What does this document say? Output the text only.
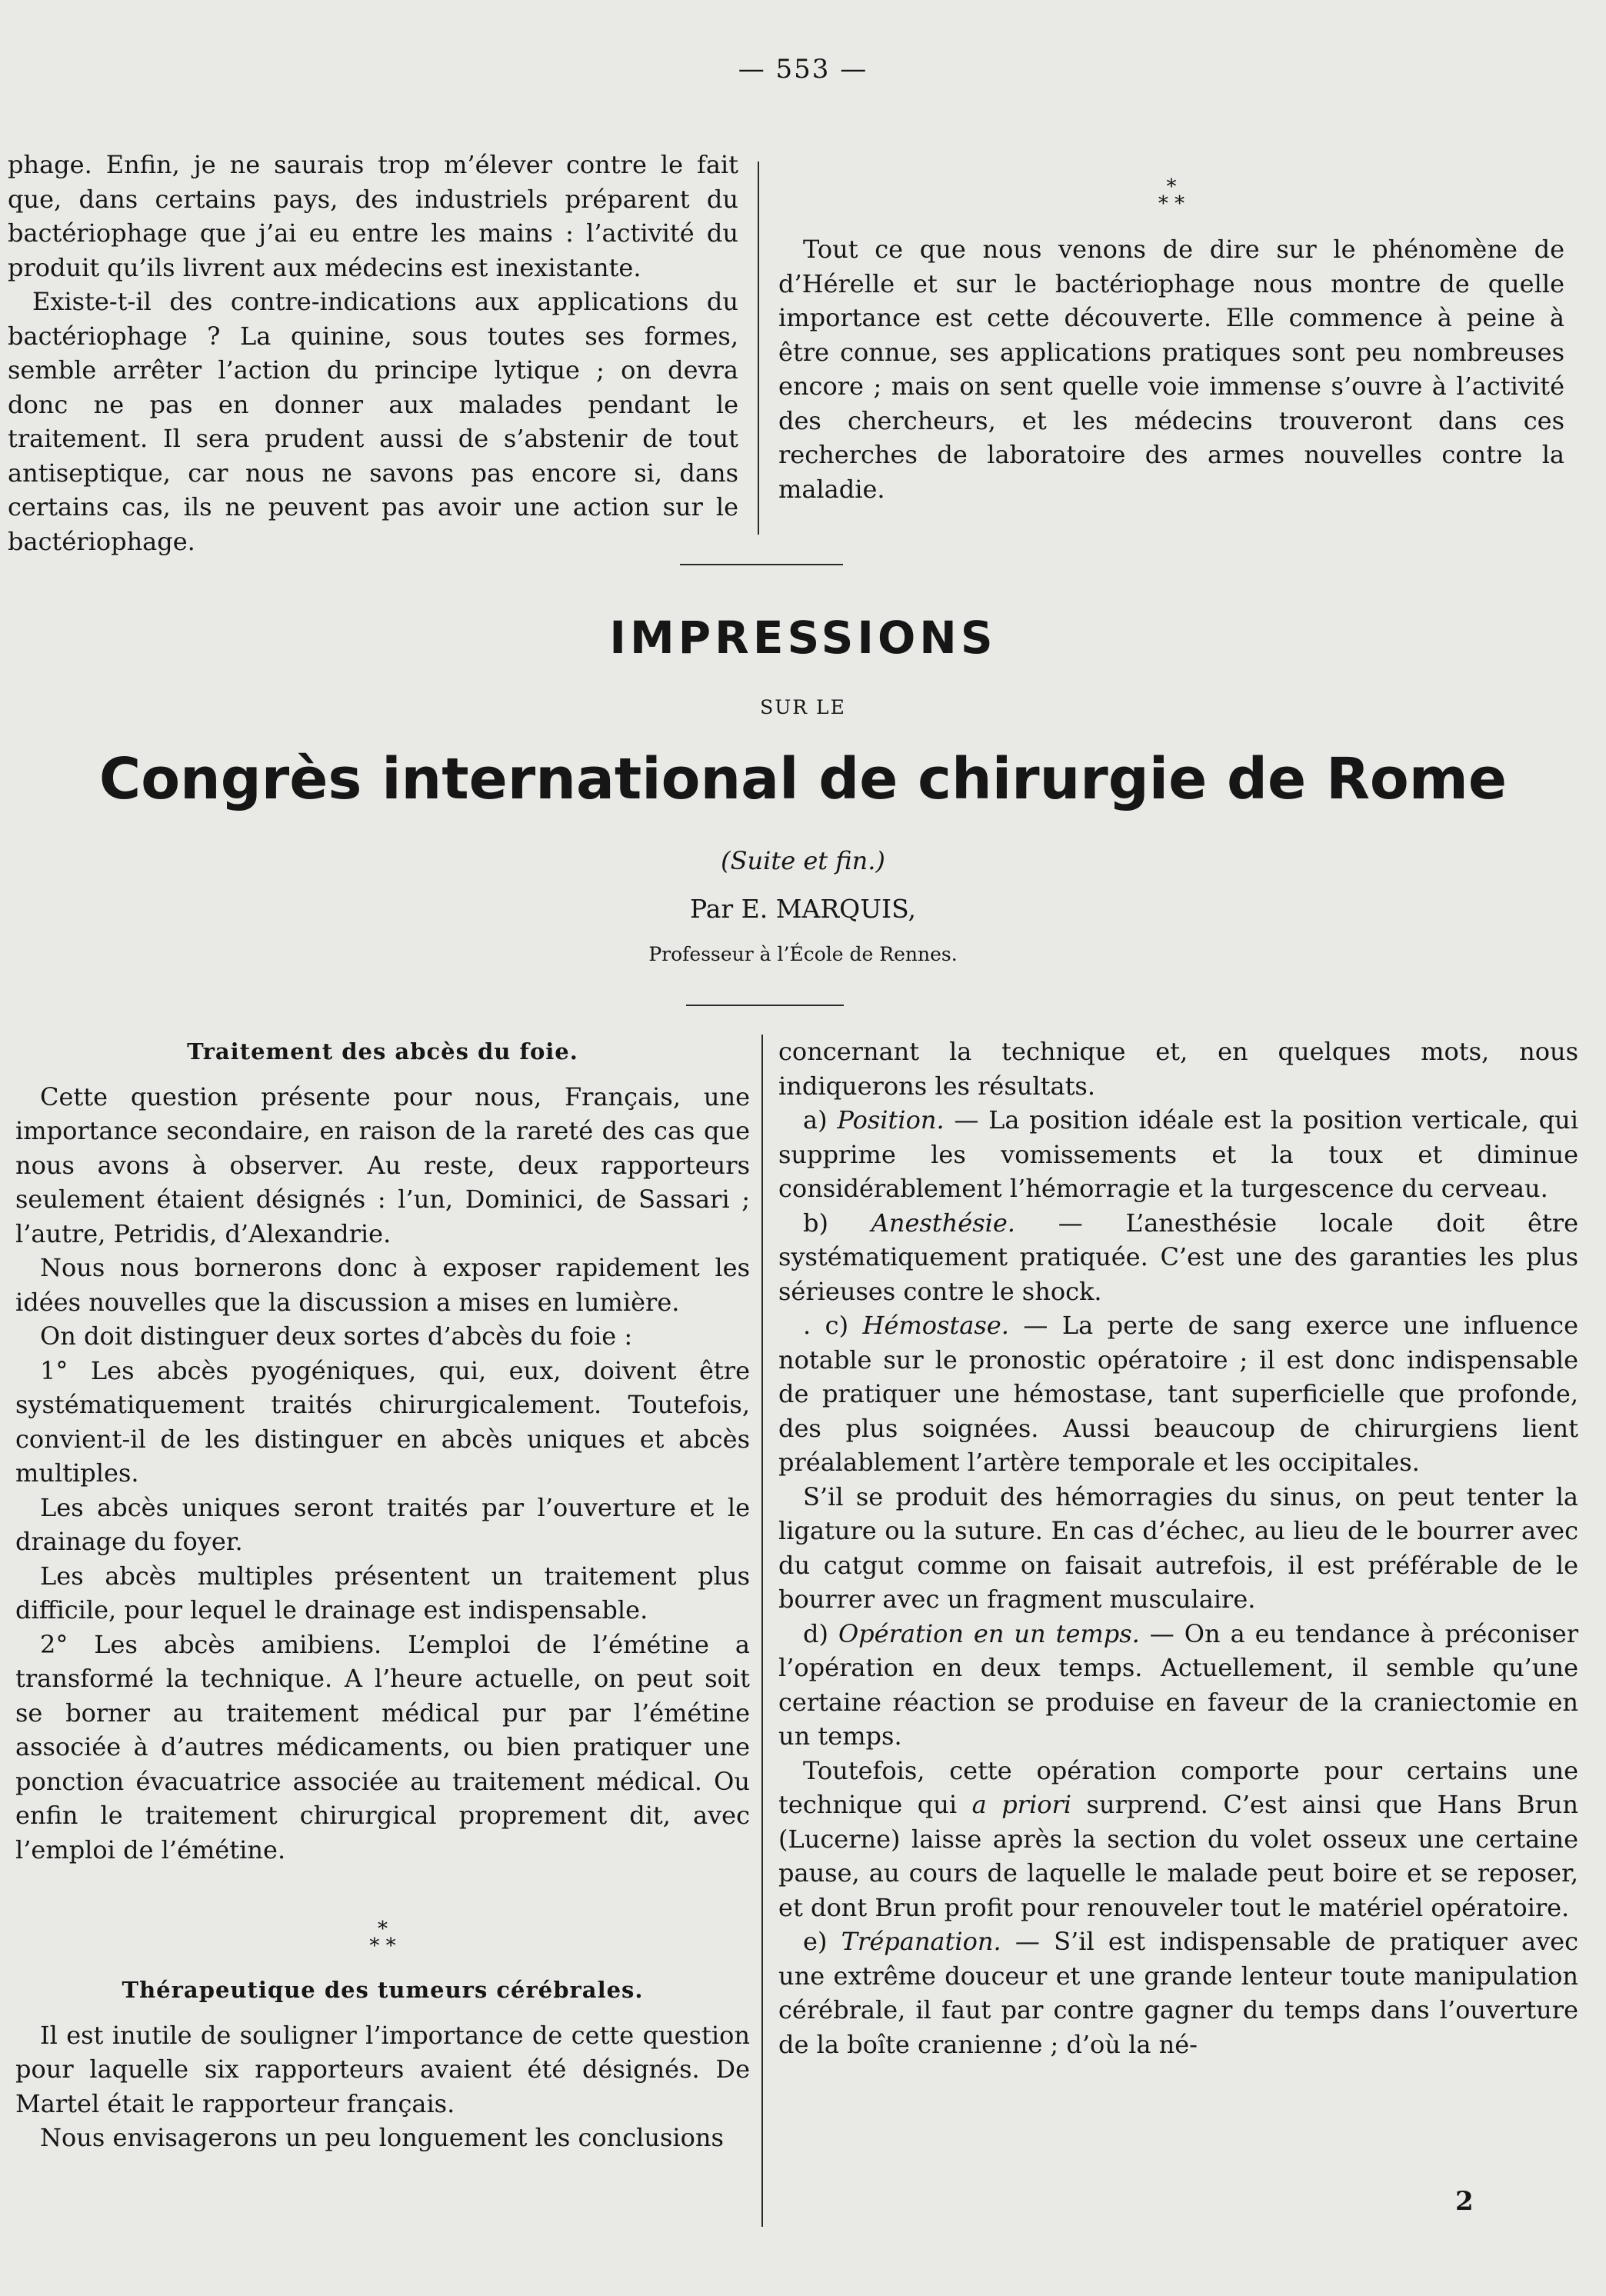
— 553 —

phage. Enfin, je ne saurais trop m’élever contre le fait que, dans certains pays, des industriels préparent du bactériophage que j’ai eu entre les mains : l’activité du produit qu’ils livrent aux médecins est inexistante.

Existe-t-il des contre-indications aux applications du bactériophage ? La quinine, sous toutes ses formes, semble arrêter l’action du principe lytique ; on devra donc ne pas en donner aux malades pendant le traitement. Il sera prudent aussi de s’abstenir de tout antiseptique, car nous ne savons pas encore si, dans certains cas, ils ne peuvent pas avoir une action sur le bactériophage.

*
* *

Tout ce que nous venons de dire sur le phénomène de d’Hérelle et sur le bactériophage nous montre de quelle importance est cette découverte. Elle commence à peine à être connue, ses applications pratiques sont peu nombreuses encore ; mais on sent quelle voie immense s’ouvre à l’activité des chercheurs, et les médecins trouveront dans ces recherches de laboratoire des armes nouvelles contre la maladie.

IMPRESSIONS
SUR LE
Congrès international de chirurgie de Rome
(Suite et fin.)
Par E. MARQUIS,
Professeur à l’École de Rennes.
Traitement des abcès du foie.

Cette question présente pour nous, Français, une importance secondaire, en raison de la rareté des cas que nous avons à observer. Au reste, deux rapporteurs seulement étaient désignés : l’un, Dominici, de Sassari ; l’autre, Petridis, d’Alexandrie.

Nous nous bornerons donc à exposer rapidement les idées nouvelles que la discussion a mises en lumière.

On doit distinguer deux sortes d’abcès du foie :

1° Les abcès pyogéniques, qui, eux, doivent être systématiquement traités chirurgicalement. Toutefois, convient-il de les distinguer en abcès uniques et abcès multiples.

Les abcès uniques seront traités par l’ouverture et le drainage du foyer.

Les abcès multiples présentent un traitement plus difficile, pour lequel le drainage est indispensable.

2° Les abcès amibiens. L’emploi de l’émétine a transformé la technique. A l’heure actuelle, on peut soit se borner au traitement médical pur par l’émétine associée à d’autres médicaments, ou bien pratiquer une ponction évacuatrice associée au traitement médical. Ou enfin le traitement chirurgical proprement dit, avec l’emploi de l’émétine.

*
* *
Thérapeutique des tumeurs cérébrales.

Il est inutile de souligner l’importance de cette question pour laquelle six rapporteurs avaient été désignés. De Martel était le rapporteur français.

Nous envisagerons un peu longuement les conclusions

concernant la technique et, en quelques mots, nous indiquerons les résultats.

a) Position. — La position idéale est la position verticale, qui supprime les vomissements et la toux et diminue considérablement l’hémorragie et la turgescence du cerveau.

b) Anesthésie. — L’anesthésie locale doit être systématiquement pratiquée. C’est une des garanties les plus sérieuses contre le shock.

. c) Hémostase. — La perte de sang exerce une influence notable sur le pronostic opératoire ; il est donc indispensable de pratiquer une hémostase, tant superficielle que profonde, des plus soignées. Aussi beaucoup de chirurgiens lient préalablement l’artère temporale et les occipitales.

S’il se produit des hémorragies du sinus, on peut tenter la ligature ou la suture. En cas d’échec, au lieu de le bourrer avec du catgut comme on faisait autrefois, il est préférable de le bourrer avec un fragment musculaire.

d) Opération en un temps. — On a eu tendance à préconiser l’opération en deux temps. Actuellement, il semble qu’une certaine réaction se produise en faveur de la craniectomie en un temps.

Toutefois, cette opération comporte pour certains une technique qui a priori surprend. C’est ainsi que Hans Brun (Lucerne) laisse après la section du volet osseux une certaine pause, au cours de laquelle le malade peut boire et se reposer, et dont Brun profit pour renouveler tout le matériel opératoire.

e) Trépanation. — S’il est indispensable de pratiquer avec une extrême douceur et une grande lenteur toute manipulation cérébrale, il faut par contre gagner du temps dans l’ouverture de la boîte cranienne ; d’où la né-

2
